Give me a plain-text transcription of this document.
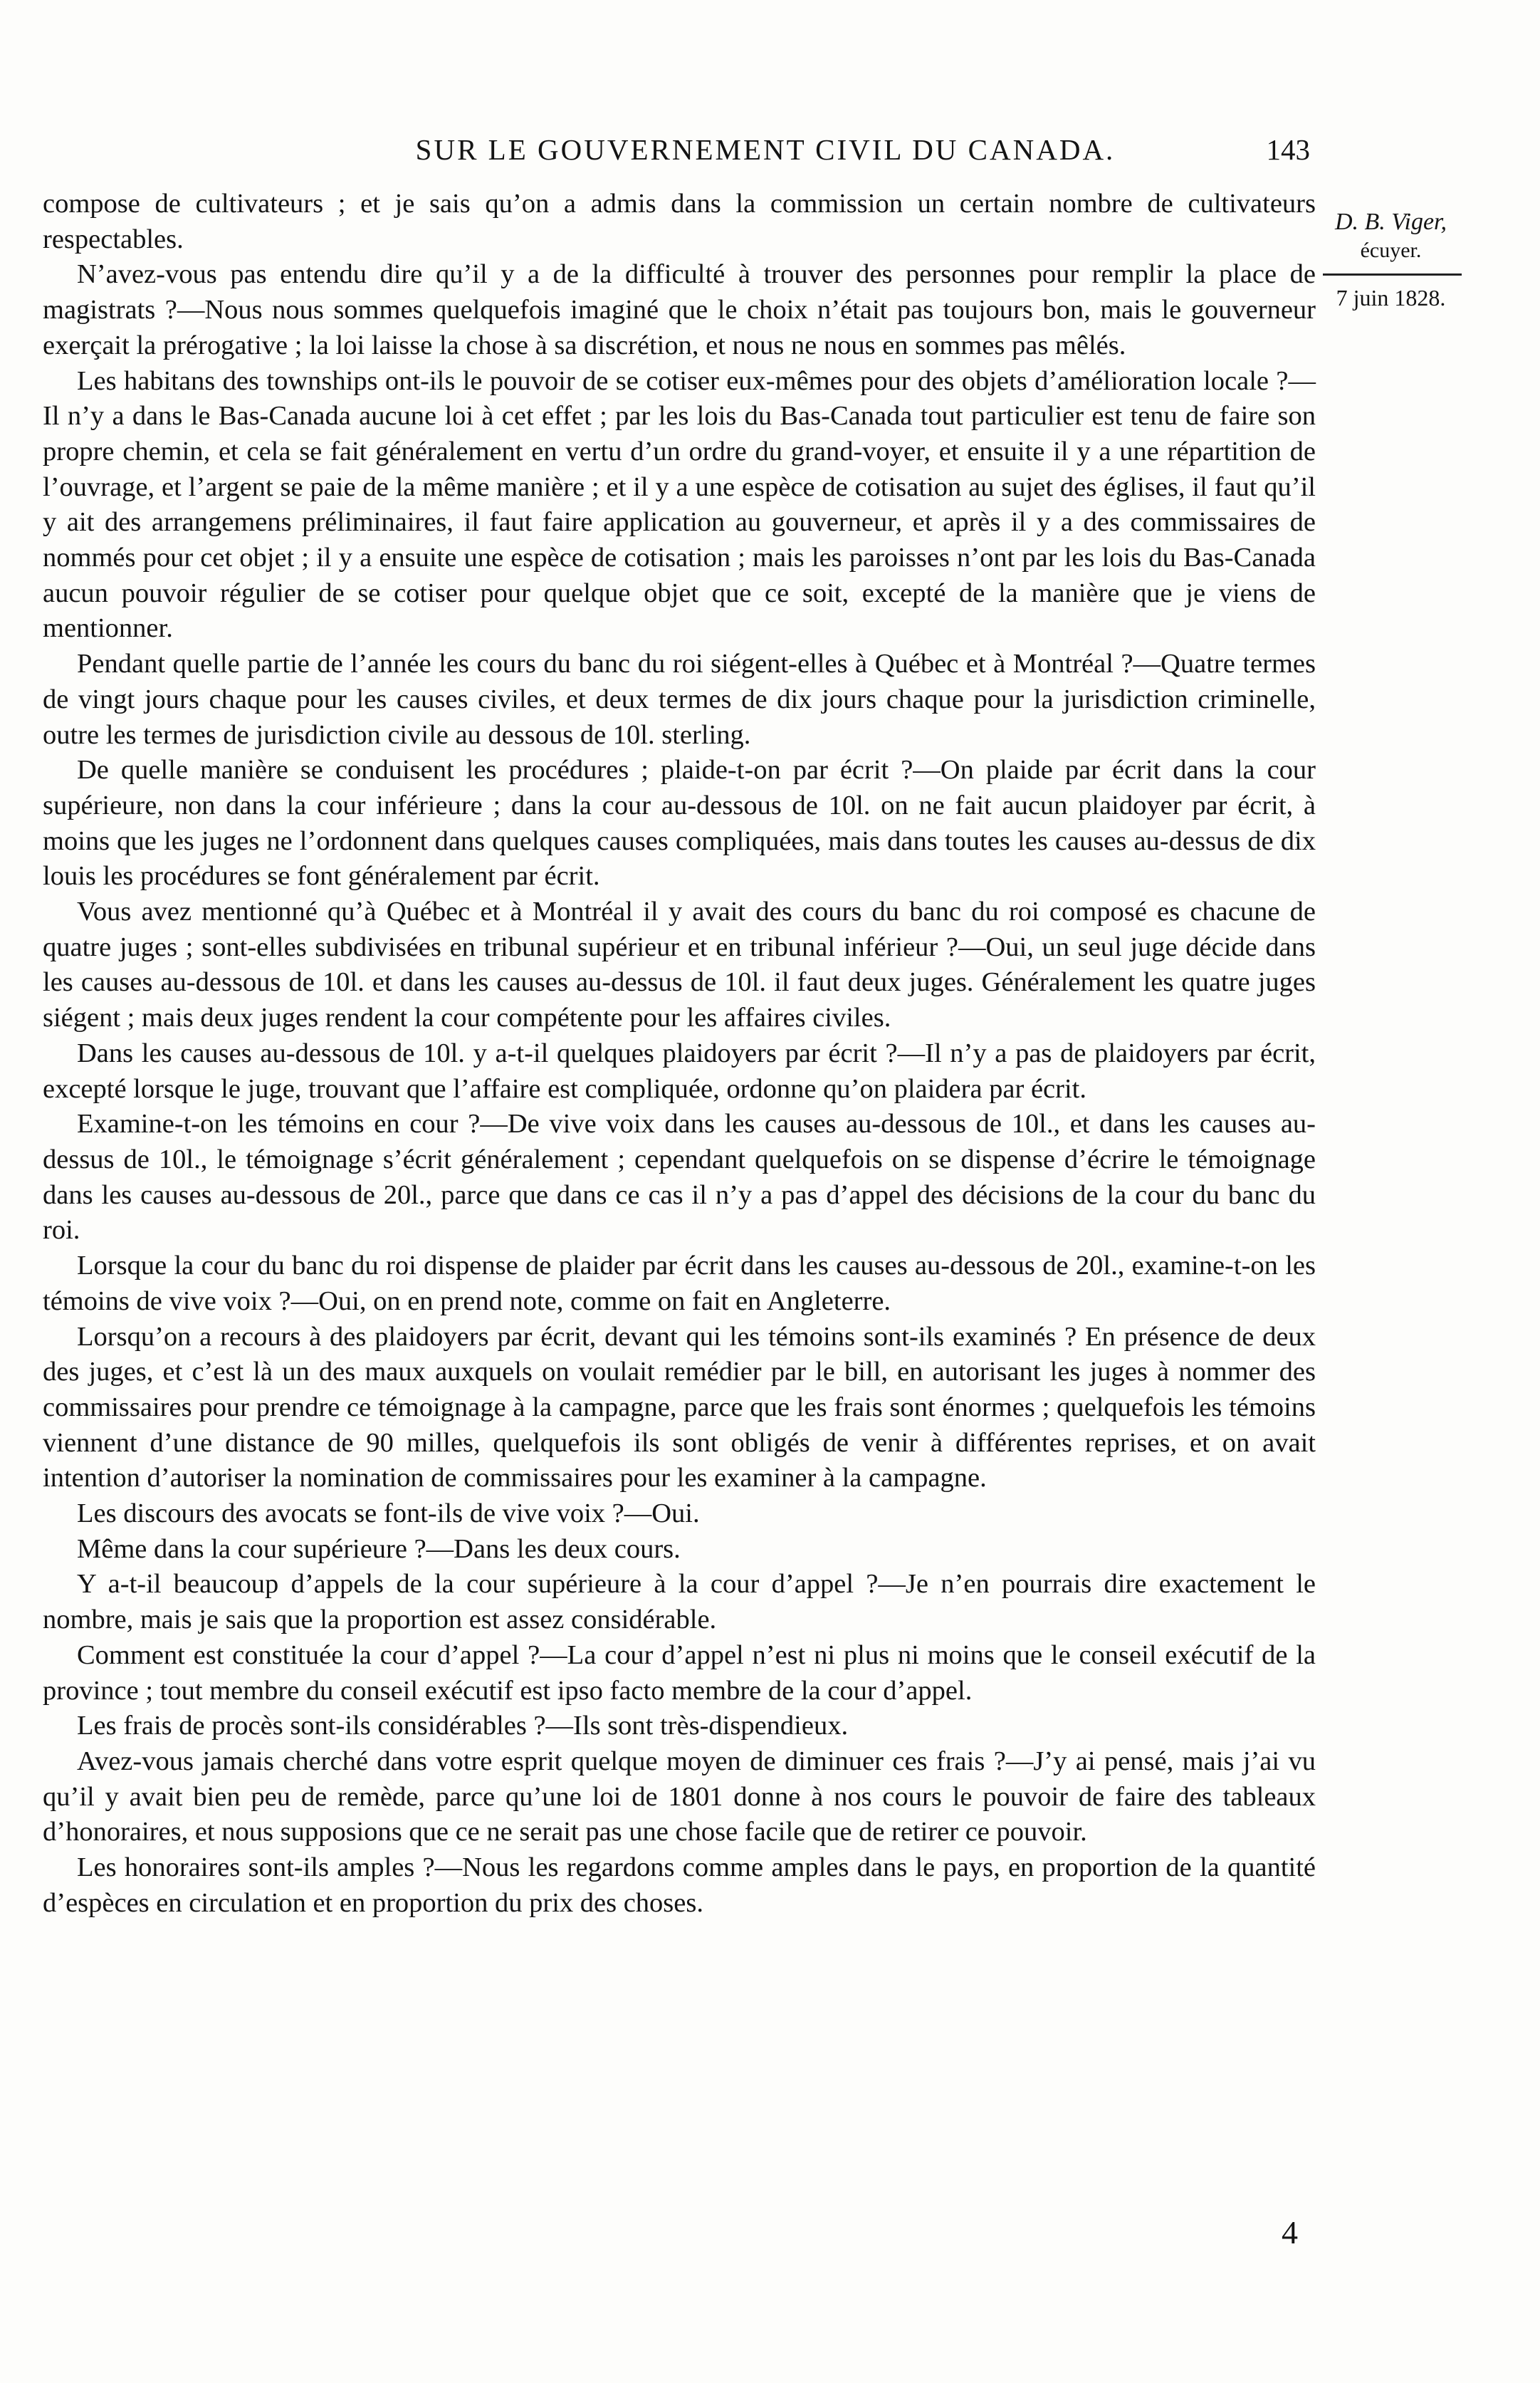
SUR LE GOUVERNEMENT CIVIL DU CANADA.	143
D. B. Viger,
écuyer.
7 juin 1828.

compose de cultivateurs ; et je sais qu’on a admis dans la commission un certain nombre de cultivateurs respectables.

N’avez-vous pas entendu dire qu’il y a de la difficulté à trouver des personnes pour remplir la place de magistrats ?—Nous nous sommes quelquefois imaginé que le choix n’était pas toujours bon, mais le gouverneur exerçait la prérogative ; la loi laisse la chose à sa discrétion, et nous ne nous en sommes pas mêlés.

Les habitans des townships ont-ils le pouvoir de se cotiser eux-mêmes pour des objets d’amélioration locale ?—Il n’y a dans le Bas-Canada aucune loi à cet effet ; par les lois du Bas-Canada tout particulier est tenu de faire son propre chemin, et cela se fait généralement en vertu d’un ordre du grand-voyer, et ensuite il y a une répartition de l’ouvrage, et l’argent se paie de la même manière ; et il y a une espèce de cotisation au sujet des églises, il faut qu’il y ait des arrangemens préliminaires, il faut faire application au gouverneur, et après il y a des commissaires de nommés pour cet objet ; il y a ensuite une espèce de cotisation ; mais les paroisses n’ont par les lois du Bas-Canada aucun pouvoir régulier de se cotiser pour quelque objet que ce soit, excepté de la manière que je viens de mentionner.

Pendant quelle partie de l’année les cours du banc du roi siégent-elles à Québec et à Montréal ?—Quatre termes de vingt jours chaque pour les causes civiles, et deux termes de dix jours chaque pour la jurisdiction criminelle, outre les termes de jurisdiction civile au dessous de 10l. sterling.

De quelle manière se conduisent les procédures ; plaide-t-on par écrit ?—On plaide par écrit dans la cour supérieure, non dans la cour inférieure ; dans la cour au-dessous de 10l. on ne fait aucun plaidoyer par écrit, à moins que les juges ne l’ordonnent dans quelques causes compliquées, mais dans toutes les causes au-dessus de dix louis les procédures se font généralement par écrit.

Vous avez mentionné qu’à Québec et à Montréal il y avait des cours du banc du roi composé es chacune de quatre juges ; sont-elles subdivisées en tribunal supérieur et en tribunal inférieur ?—Oui, un seul juge décide dans les causes au-dessous de 10l. et dans les causes au-dessus de 10l. il faut deux juges. Généralement les quatre juges siégent ; mais deux juges rendent la cour compétente pour les affaires civiles.

Dans les causes au-dessous de 10l. y a-t-il quelques plaidoyers par écrit ?—Il n’y a pas de plaidoyers par écrit, excepté lorsque le juge, trouvant que l’affaire est compliquée, ordonne qu’on plaidera par écrit.

Examine-t-on les témoins en cour ?—De vive voix dans les causes au-dessous de 10l., et dans les causes au-dessus de 10l., le témoignage s’écrit généralement ; cependant quelquefois on se dispense d’écrire le témoignage dans les causes au-dessous de 20l., parce que dans ce cas il n’y a pas d’appel des décisions de la cour du banc du roi.

Lorsque la cour du banc du roi dispense de plaider par écrit dans les causes au-dessous de 20l., examine-t-on les témoins de vive voix ?—Oui, on en prend note, comme on fait en Angleterre.

Lorsqu’on a recours à des plaidoyers par écrit, devant qui les témoins sont-ils examinés ? En présence de deux des juges, et c’est là un des maux auxquels on voulait remédier par le bill, en autorisant les juges à nommer des commissaires pour prendre ce témoignage à la campagne, parce que les frais sont énormes ; quelquefois les témoins viennent d’une distance de 90 milles, quelquefois ils sont obligés de venir à différentes reprises, et on avait intention d’autoriser la nomination de commissaires pour les examiner à la campagne.

Les discours des avocats se font-ils de vive voix ?—Oui.

Même dans la cour supérieure ?—Dans les deux cours.

Y a-t-il beaucoup d’appels de la cour supérieure à la cour d’appel ?—Je n’en pourrais dire exactement le nombre, mais je sais que la proportion est assez considérable.

Comment est constituée la cour d’appel ?—La cour d’appel n’est ni plus ni moins que le conseil exécutif de la province ; tout membre du conseil exécutif est ipso facto membre de la cour d’appel.

Les frais de procès sont-ils considérables ?—Ils sont très-dispendieux.

Avez-vous jamais cherché dans votre esprit quelque moyen de diminuer ces frais ?—J’y ai pensé, mais j’ai vu qu’il y avait bien peu de remède, parce qu’une loi de 1801 donne à nos cours le pouvoir de faire des tableaux d’honoraires, et nous supposions que ce ne serait pas une chose facile que de retirer ce pouvoir.

Les honoraires sont-ils amples ?—Nous les regardons comme amples dans le pays, en proportion de la quantité d’espèces en circulation et en proportion du prix des choses.

4
